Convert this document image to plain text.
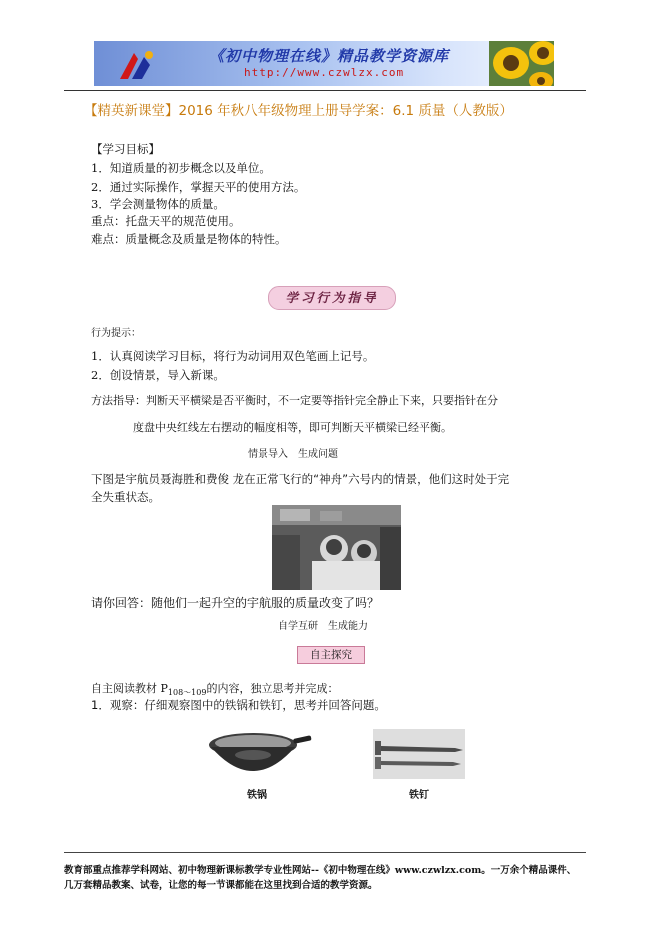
《初中物理在线》精品教学资源库
http://www.czwlzx.com
【精英新课堂】2016 年秋八年级物理上册导学案：6.1 质量（人教版）
【学习目标】
1．知道质量的初步概念以及单位。
2．通过实际操作，掌握天平的使用方法。
3．学会测量物体的质量。
重点：托盘天平的规范使用。
难点：质量概念及质量是物体的特性。
学习行为指导
行为提示：
1．认真阅读学习目标，将行为动词用双色笔画上记号。
2．创设情景，导入新课。
方法指导：判断天平横梁是否平衡时，不一定要等指针完全静止下来，只要指针在分
度盘中央红线左右摆动的幅度相等，即可判断天平横梁已经平衡。
情景导入　生成问题
下图是宇航员聂海胜和费俊 龙在正常飞行的“神舟”六号内的情景，他们这时处于完
全失重状态。
请你回答：随他们一起升空的宇航服的质量改变了吗？
自学互研　生成能力
自主探究
自主阅读教材 $P_{108\sim 109}$的内容，独立思考并完成：
1．观察：仔细观察图中的铁锅和铁钉，思考并回答问题。
铁锅	铁钉
教育部重点推荐学科网站、初中物理新课标教学专业性网站--《初中物理在线》www.czwlzx.com。一万余个精品课件、
几万套精品教案、试卷，让您的每一节课都能在这里找到合适的教学资源。
